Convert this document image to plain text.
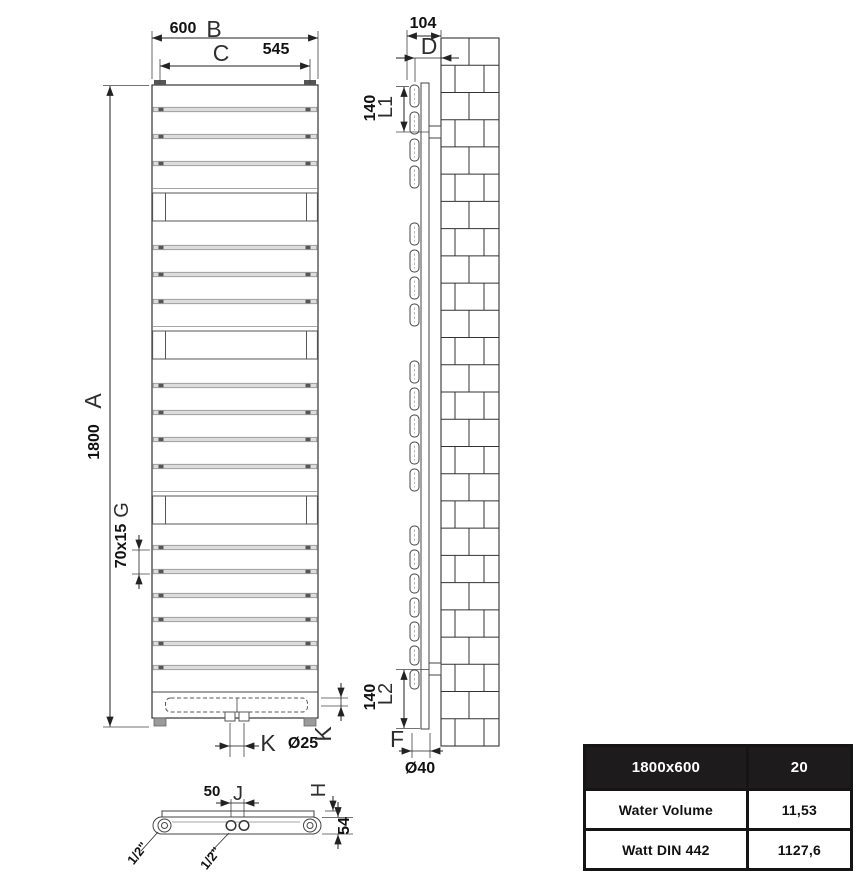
600 B
C 545
1800
A
70x15
G
K Ø25
K
104
D
140
L1
140
L2
F
Ø40
50 J	H
54
1/2"	1/2"
1800x600	20
Water Volume	11,53
Watt DIN 442	1127,6
